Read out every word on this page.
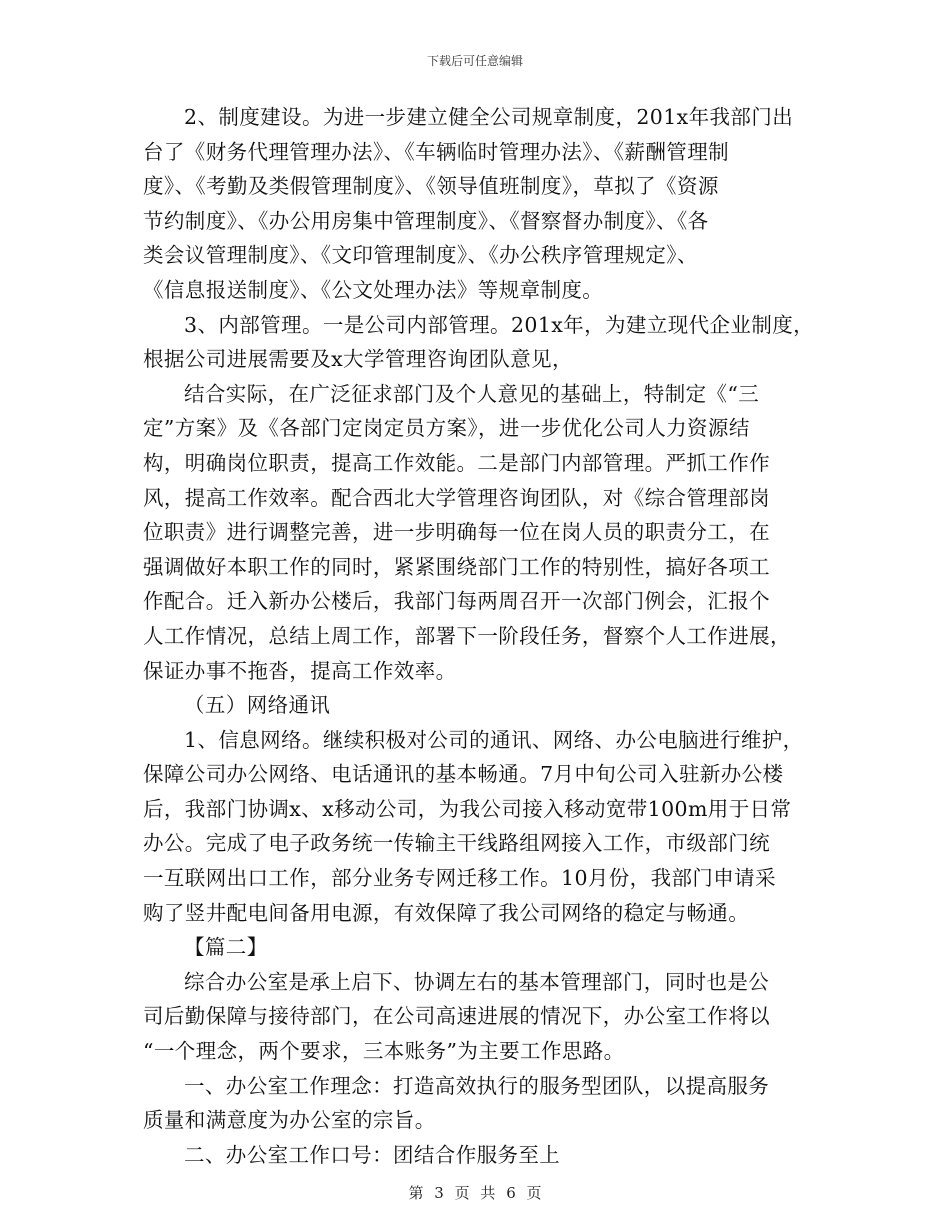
下载后可任意编辑
2、制度建设。为进一步建立健全公司规章制度，201x年我部门出
台了《财务代理管理办法》、《车辆临时管理办法》、《薪酬管理制
度》、《考勤及类假管理制度》、《领导值班制度》，草拟了《资源
节约制度》、《办公用房集中管理制度》、《督察督办制度》、《各
类会议管理制度》、《文印管理制度》、《办公秩序管理规定》、
《信息报送制度》、《公文处理办法》等规章制度。
3、内部管理。一是公司内部管理。201x年，为建立现代企业制度，
根据公司进展需要及x大学管理咨询团队意见，
结合实际，在广泛征求部门及个人意见的基础上，特制定《“三
定”方案》及《各部门定岗定员方案》，进一步优化公司人力资源结
构，明确岗位职责，提高工作效能。二是部门内部管理。严抓工作作
风，提高工作效率。配合西北大学管理咨询团队，对《综合管理部岗
位职责》进行调整完善，进一步明确每一位在岗人员的职责分工，在
强调做好本职工作的同时，紧紧围绕部门工作的特别性，搞好各项工
作配合。迁入新办公楼后，我部门每两周召开一次部门例会，汇报个
人工作情况，总结上周工作，部署下一阶段任务，督察个人工作进展，
保证办事不拖沓，提高工作效率。
（五）网络通讯
1、信息网络。继续积极对公司的通讯、网络、办公电脑进行维护，
保障公司办公网络、电话通讯的基本畅通。7月中旬公司入驻新办公楼
后，我部门协调x、x移动公司，为我公司接入移动宽带100m用于日常
办公。完成了电子政务统一传输主干线路组网接入工作，市级部门统
一互联网出口工作，部分业务专网迁移工作。10月份，我部门申请采
购了竖井配电间备用电源，有效保障了我公司网络的稳定与畅通。
【篇二】
综合办公室是承上启下、协调左右的基本管理部门，同时也是公
司后勤保障与接待部门，在公司高速进展的情况下，办公室工作将以
“一个理念，两个要求，三本账务”为主要工作思路。
一、办公室工作理念：打造高效执行的服务型团队，以提高服务
质量和满意度为办公室的宗旨。
二、办公室工作口号：团结合作服务至上
第 3 页 共 6 页
